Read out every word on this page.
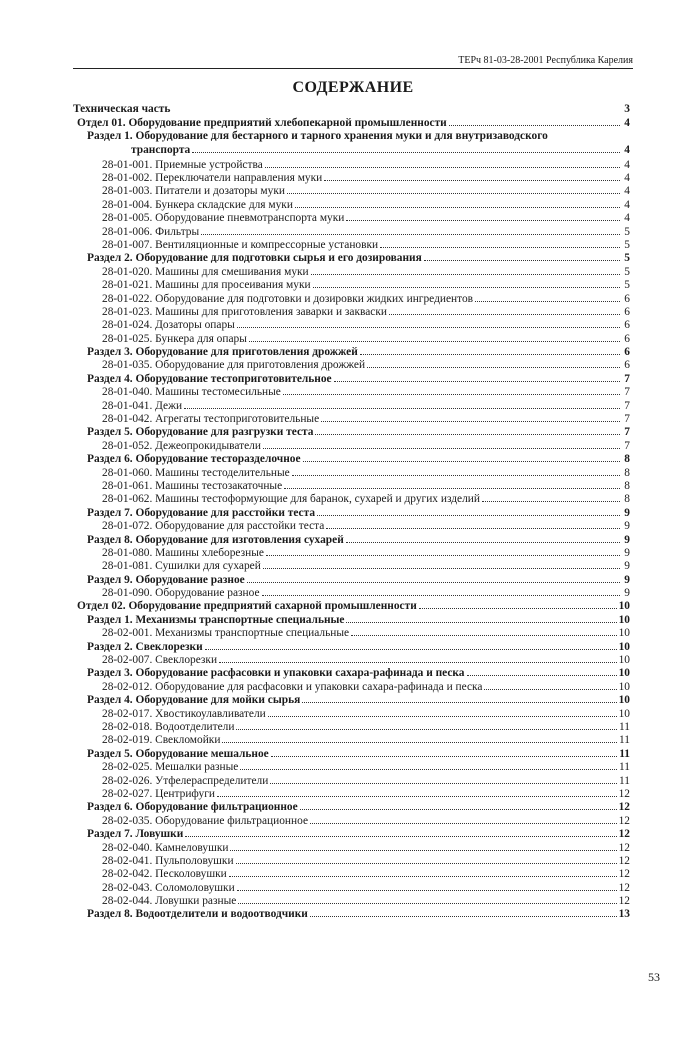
ТЕРч 81-03-28-2001 Республика Карелия
СОДЕРЖАНИЕ
Техническая часть	3
Отдел 01. Оборудование предприятий хлебопекарной промышленности	4
Раздел 1. Оборудование для бестарного и тарного хранения муки и для внутризаводского
транспорта	4
28-01-001. Приемные устройства	4
28-01-002. Переключатели направления муки	4
28-01-003. Питатели и дозаторы муки	4
28-01-004. Бункера складские для муки	4
28-01-005. Оборудование пневмотранспорта муки	4
28-01-006. Фильтры	5
28-01-007. Вентиляционные и компрессорные установки	5
Раздел 2. Оборудование для подготовки сырья и его дозирования	5
28-01-020. Машины для смешивания муки	5
28-01-021. Машины для просеивания муки	5
28-01-022. Оборудование для подготовки и дозировки жидких ингредиентов	6
28-01-023. Машины для приготовления заварки и закваски	6
28-01-024. Дозаторы опары	6
28-01-025. Бункера для опары	6
Раздел 3. Оборудование для приготовления дрожжей	6
28-01-035. Оборудование для приготовления дрожжей	6
Раздел 4. Оборудование тестоприготовительное	7
28-01-040. Машины тестомесильные	7
28-01-041. Дежи	7
28-01-042. Агрегаты тестоприготовительные	7
Раздел 5. Оборудование для разгрузки теста	7
28-01-052. Дежеопрокидыватели	7
Раздел 6. Оборудование тесторазделочное	8
28-01-060. Машины тестоделительные	8
28-01-061. Машины тестозакаточные	8
28-01-062. Машины тестоформующие для баранок, сухарей и других изделий	8
Раздел 7. Оборудование для расстойки теста	9
28-01-072. Оборудование для расстойки теста	9
Раздел 8. Оборудование для изготовления сухарей	9
28-01-080. Машины хлеборезные	9
28-01-081. Сушилки для сухарей	9
Раздел 9. Оборудование разное	9
28-01-090. Оборудование разное	9
Отдел 02. Оборудование предприятий сахарной промышленности	10
Раздел 1. Механизмы транспортные специальные	10
28-02-001. Механизмы транспортные специальные	10
Раздел 2. Свеклорезки	10
28-02-007. Свеклорезки	10
Раздел 3. Оборудование расфасовки и упаковки сахара-рафинада и песка	10
28-02-012. Оборудование для расфасовки и упаковки сахара-рафинада и песка	10
Раздел 4. Оборудование для мойки сырья	10
28-02-017. Хвостикоулавливатели	10
28-02-018. Водоотделители	11
28-02-019. Свекломойки	11
Раздел 5. Оборудование мешальное	11
28-02-025. Мешалки разные	11
28-02-026. Утфелераспределители	11
28-02-027. Центрифуги	12
Раздел 6. Оборудование фильтрационное	12
28-02-035. Оборудование фильтрационное	12
Раздел 7. Ловушки	12
28-02-040. Камнеловушки	12
28-02-041. Пульполовушки	12
28-02-042. Песколовушки	12
28-02-043. Соломоловушки	12
28-02-044. Ловушки разные	12
Раздел 8. Водоотделители и водоотводчики	13
53
